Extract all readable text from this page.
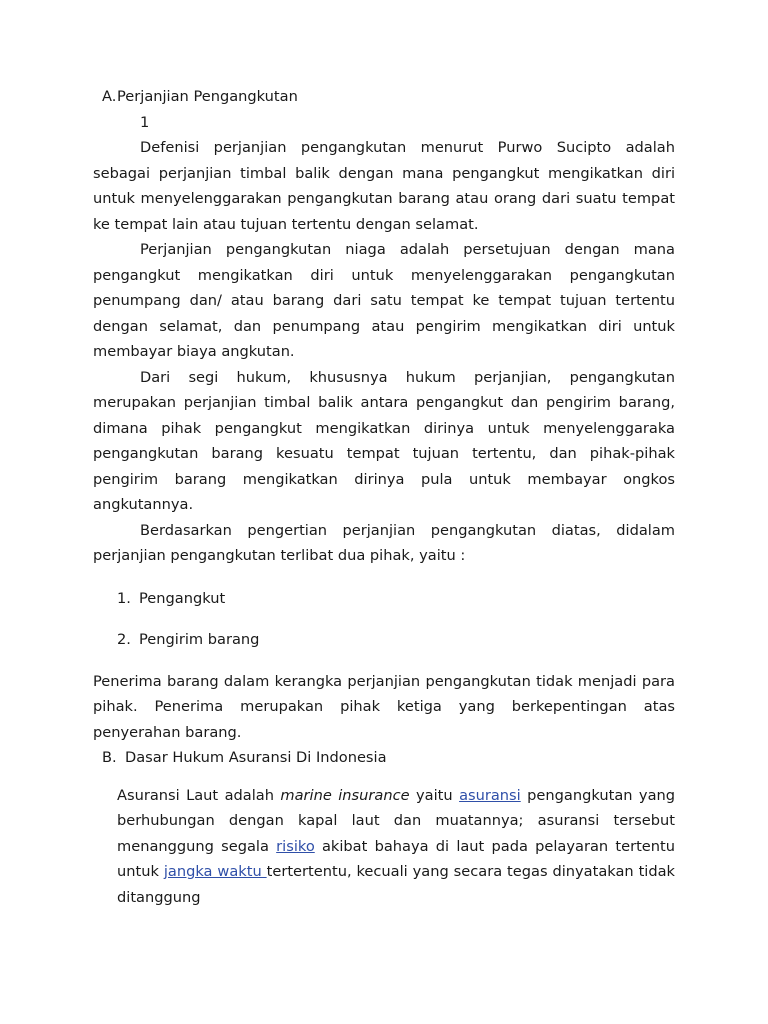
A. Perjanjian Pengangkutan

1

Defenisi perjanjian pengangkutan menurut Purwo Sucipto adalah sebagai perjanjian timbal balik dengan mana pengangkut mengikatkan diri untuk menyelenggarakan pengangkutan barang atau orang dari suatu tempat ke tempat lain atau tujuan tertentu dengan selamat.

Perjanjian pengangkutan niaga adalah persetujuan dengan mana pengangkut mengikatkan diri untuk menyelenggarakan pengangkutan penumpang dan/ atau barang dari satu tempat ke tempat tujuan tertentu dengan selamat, dan penumpang atau pengirim mengikatkan diri untuk membayar biaya angkutan.

Dari segi hukum, khususnya hukum perjanjian, pengangkutan merupakan perjanjian timbal balik antara pengangkut dan pengirim barang, dimana pihak pengangkut mengikatkan dirinya untuk menyelenggaraka pengangkutan barang kesuatu tempat tujuan tertentu, dan pihak-pihak pengirim barang mengikatkan dirinya pula untuk membayar ongkos angkutannya.

Berdasarkan pengertian perjanjian pengangkutan diatas, didalam perjanjian pengangkutan terlibat dua pihak, yaitu :

1. Pengangkut
2. Pengirim barang

Penerima barang dalam kerangka perjanjian pengangkutan tidak menjadi para pihak. Penerima merupakan pihak ketiga yang berkepentingan atas penyerahan barang.

B. Dasar Hukum Asuransi Di Indonesia

Asuransi Laut adalah marine insurance yaitu asuransi pengangkutan yang berhubungan dengan kapal laut dan muatannya; asuransi tersebut menanggung segala risiko akibat bahaya di laut pada pelayaran tertentu untuk jangka waktu tertertentu, kecuali yang secara tegas dinyatakan tidak ditanggung
